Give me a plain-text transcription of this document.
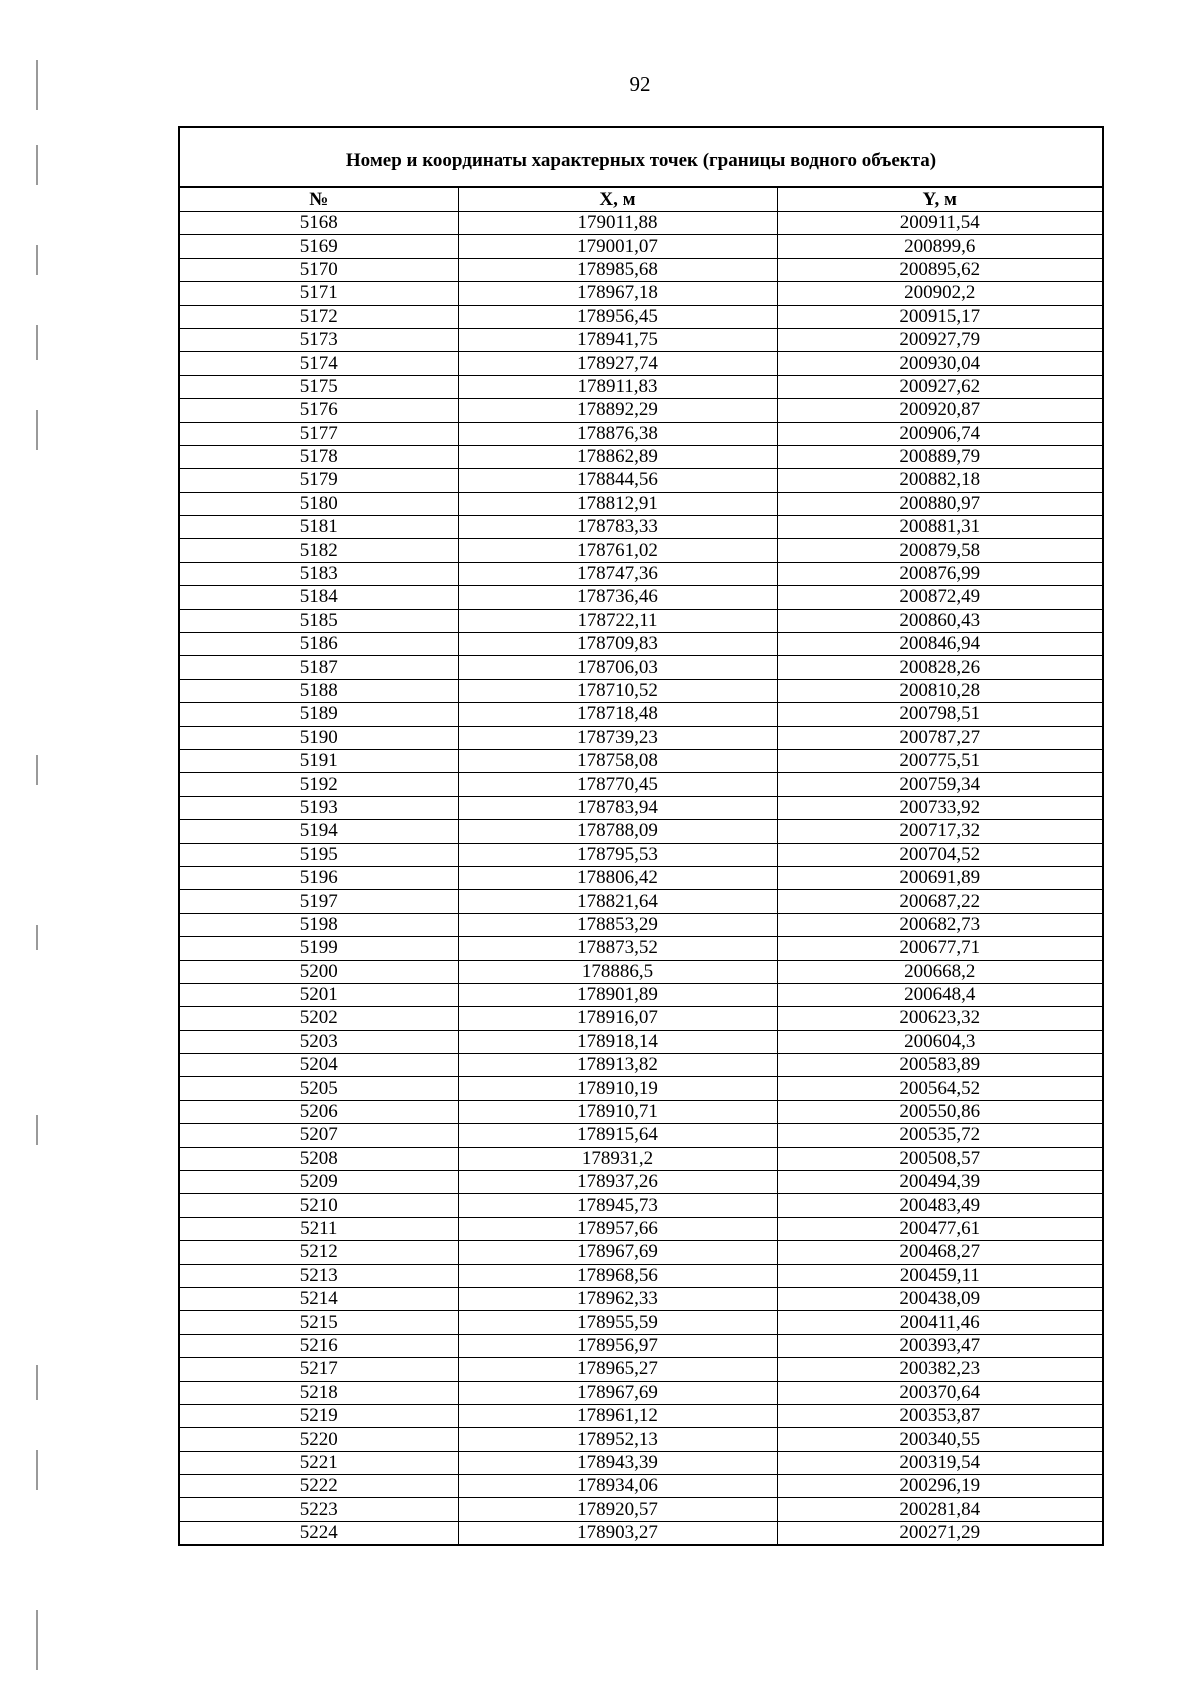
92
Номер и координаты характерных точек (границы водного объекта)		
№	X, м	Y, м
5168	179011,88	200911,54
5169	179001,07	200899,6
5170	178985,68	200895,62
5171	178967,18	200902,2
5172	178956,45	200915,17
5173	178941,75	200927,79
5174	178927,74	200930,04
5175	178911,83	200927,62
5176	178892,29	200920,87
5177	178876,38	200906,74
5178	178862,89	200889,79
5179	178844,56	200882,18
5180	178812,91	200880,97
5181	178783,33	200881,31
5182	178761,02	200879,58
5183	178747,36	200876,99
5184	178736,46	200872,49
5185	178722,11	200860,43
5186	178709,83	200846,94
5187	178706,03	200828,26
5188	178710,52	200810,28
5189	178718,48	200798,51
5190	178739,23	200787,27
5191	178758,08	200775,51
5192	178770,45	200759,34
5193	178783,94	200733,92
5194	178788,09	200717,32
5195	178795,53	200704,52
5196	178806,42	200691,89
5197	178821,64	200687,22
5198	178853,29	200682,73
5199	178873,52	200677,71
5200	178886,5	200668,2
5201	178901,89	200648,4
5202	178916,07	200623,32
5203	178918,14	200604,3
5204	178913,82	200583,89
5205	178910,19	200564,52
5206	178910,71	200550,86
5207	178915,64	200535,72
5208	178931,2	200508,57
5209	178937,26	200494,39
5210	178945,73	200483,49
5211	178957,66	200477,61
5212	178967,69	200468,27
5213	178968,56	200459,11
5214	178962,33	200438,09
5215	178955,59	200411,46
5216	178956,97	200393,47
5217	178965,27	200382,23
5218	178967,69	200370,64
5219	178961,12	200353,87
5220	178952,13	200340,55
5221	178943,39	200319,54
5222	178934,06	200296,19
5223	178920,57	200281,84
5224	178903,27	200271,29
